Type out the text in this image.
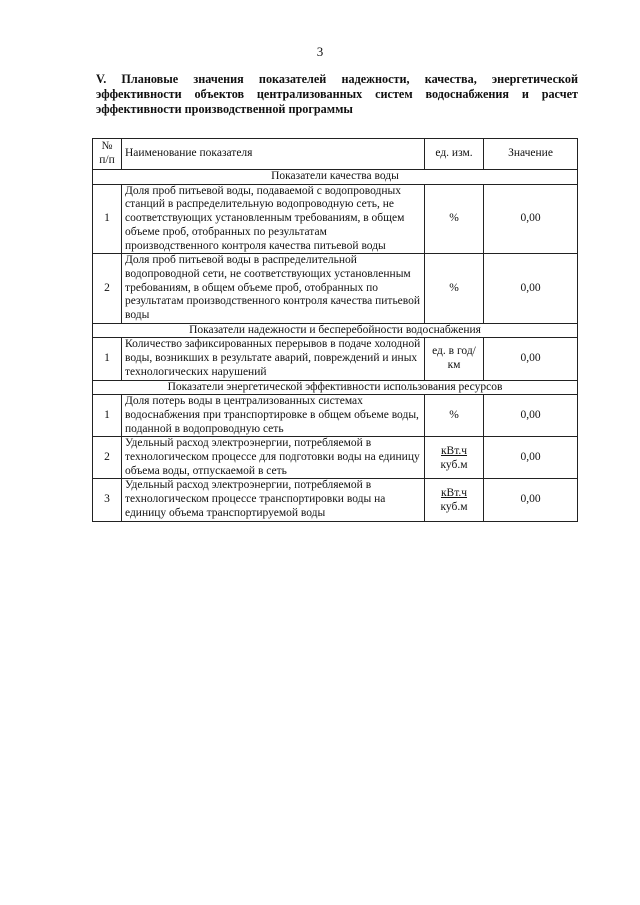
3
V. Плановые значения показателей надежности, качества, энергетической эффективности объектов централизованных систем водоснабжения и расчет эффективности производственной программы
№ п/п	Наименование показателя	ед. изм.	Значение
Показатели качества воды			
1	Доля проб питьевой воды, подаваемой с водопроводных станций в распределительную водопроводную сеть, не соответствующих установленным требованиям, в общем объеме проб, отобранных по результатам производственного контроля качества питьевой воды	%	0,00
2	Доля проб питьевой воды в распределительной водопроводной сети, не соответствующих установленным требованиям, в общем объеме проб, отобранных по результатам производственного контроля качества питьевой воды	%	0,00
Показатели надежности и бесперебойности водоснабжения			
1	Количество зафиксированных перерывов в подаче холодной воды, возникших в результате аварий, повреждений и иных технологических нарушений	ед. в год/ км	0,00
Показатели энергетической эффективности использования ресурсов			
1	Доля потерь воды в централизованных системах водоснабжения при транспортировке в общем объеме воды, поданной в водопроводную сеть	%	0,00
2	Удельный расход электроэнергии, потребляемой в технологическом процессе для подготовки воды на единицу объема воды, отпускаемой в сеть	$\frac{\text{кВт.ч}}{\text{куб.м}}$	0,00
3	Удельный расход электроэнергии, потребляемой в технологическом процессе транспортировки воды на единицу объема транспортируемой воды	$\frac{\text{кВт.ч}}{\text{куб.м}}$	0,00
